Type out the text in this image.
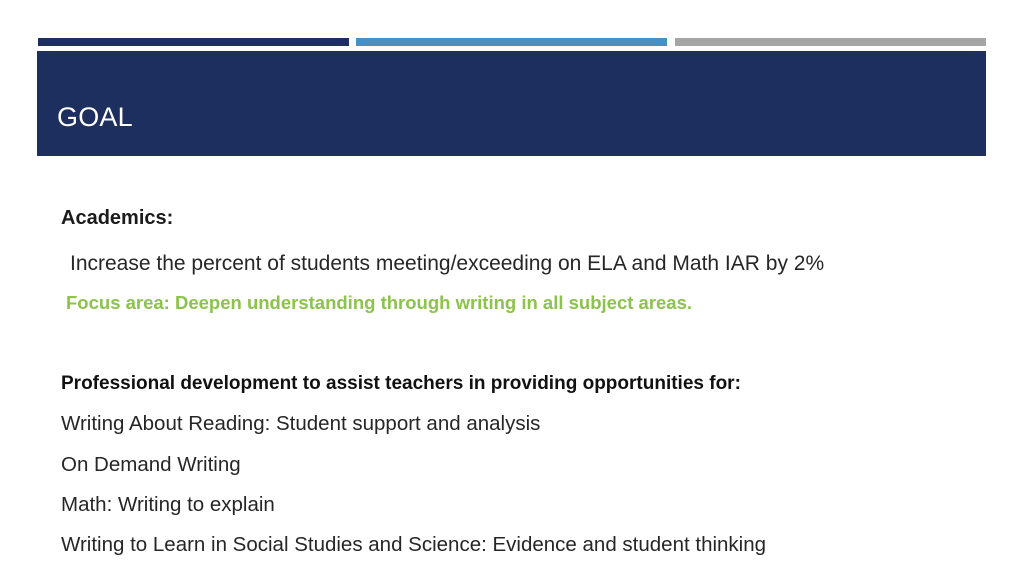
GOAL
Academics:
Increase the percent of students meeting/exceeding on ELA and Math IAR by 2%
Focus area: Deepen understanding through writing in all subject areas.
Professional development to assist teachers in providing opportunities for:
Writing About Reading: Student support and analysis
On Demand Writing
Math: Writing to explain
Writing to Learn in Social Studies and Science: Evidence and student thinking
